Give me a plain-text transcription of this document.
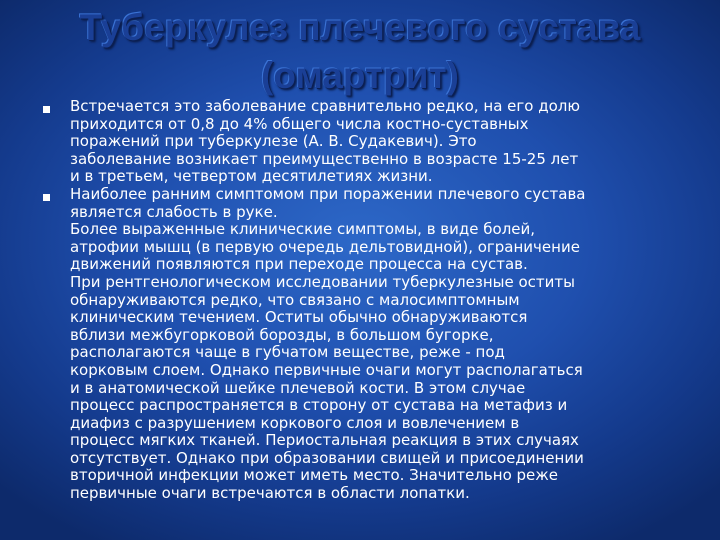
Туберкулез плечевого сустава
(омартрит)
Встречается это заболевание сравнительно редко, на его долю
приходится от 0,8 до 4% общего числа костно-суставных
поражений при туберкулезе (А. В. Судакевич). Это
заболевание возникает преимущественно в возрасте 15-25 лет
и в третьем, четвертом десятилетиях жизни.
Наиболее ранним симптомом при поражении плечевого сустава
является слабость в руке.
Более выраженные клинические симптомы, в виде болей,
атрофии мышц (в первую очередь дельтовидной), ограничение
движений появляются при переходе процесса на сустав.
При рентгенологическом исследовании туберкулезные оститы
обнаруживаются редко, что связано с малосимптомным
клиническим течением. Оститы обычно обнаруживаются
вблизи межбугорковой борозды, в большом бугорке,
располагаются чаще в губчатом веществе, реже - под
корковым слоем. Однако первичные очаги могут располагаться
и в анатомической шейке плечевой кости. В этом случае
процесс распространяется в сторону от сустава на метафиз и
диафиз с разрушением коркового слоя и вовлечением в
процесс мягких тканей. Периостальная реакция в этих случаях
отсутствует. Однако при образовании свищей и присоединении
вторичной инфекции может иметь место. Значительно реже
первичные очаги встречаются в области лопатки.
